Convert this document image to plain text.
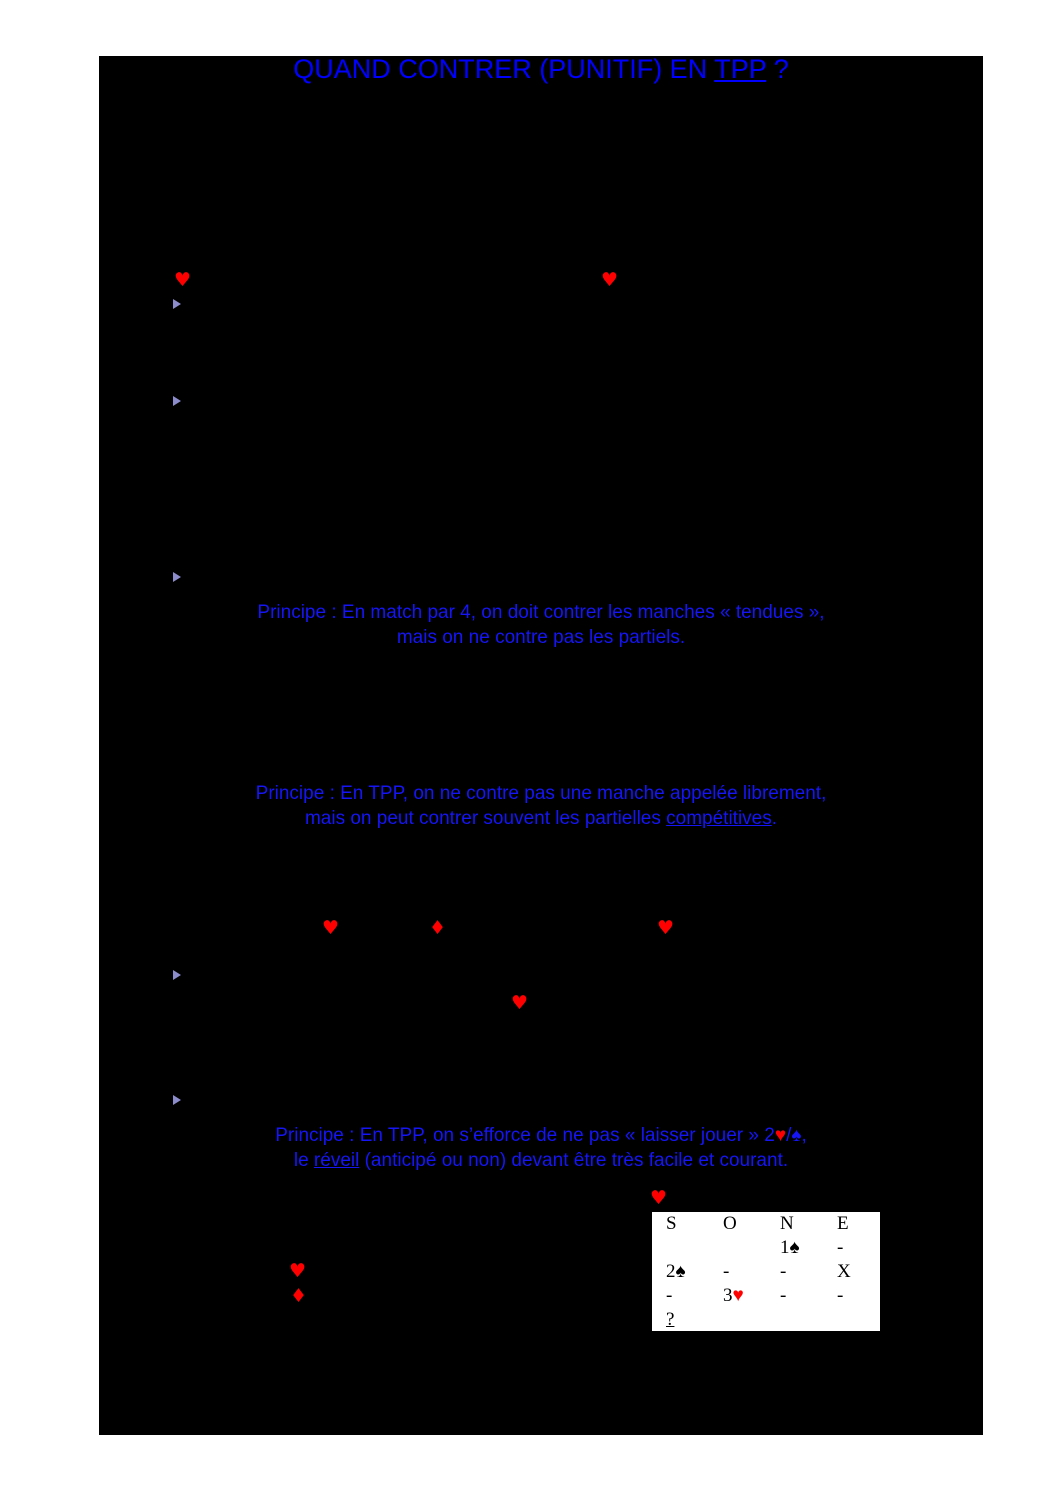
QUAND CONTRER (PUNITIF) EN TPP ?
♥	♥
♥	♦	♥
♥
♥
♥
♦
Principe : En match par 4, on doit contrer les manches « tendues »,
mais on ne contre pas les partiels.
Principe : En TPP, on ne contre pas une manche appelée librement,
mais on peut contrer souvent les partielles compétitives.
Principe : En TPP, on s’efforce de ne pas « laisser jouer » 2♥/♠,
le réveil (anticipé ou non) devant être très facile et courant.
S	O	N	E
		1♠	-
2♠	-	-	X
-	3♥	-	-
?			
